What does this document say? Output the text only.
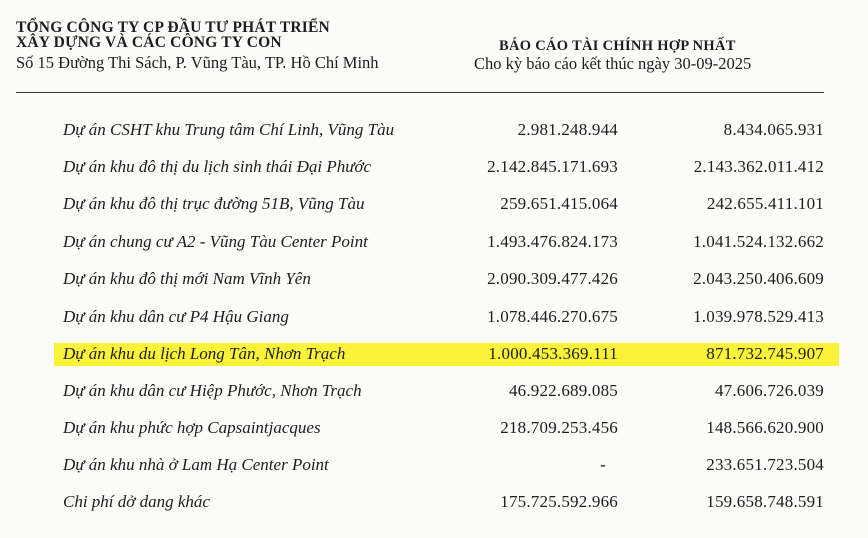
TỔNG CÔNG TY CP ĐẦU TƯ PHÁT TRIỂN
XÂY DỰNG VÀ CÁC CÔNG TY CON
Số 15 Đường Thi Sách, P. Vũng Tàu, TP. Hồ Chí Minh
BÁO CÁO TÀI CHÍNH HỢP NHẤT
Cho kỳ báo cáo kết thúc ngày 30-09-2025
Dự án CSHT khu Trung tâm Chí Linh, Vũng Tàu	2.981.248.944	8.434.065.931
Dự án khu đô thị du lịch sinh thái Đại Phước	2.142.845.171.693	2.143.362.011.412
Dự án khu đô thị trục đường 51B, Vũng Tàu	259.651.415.064	242.655.411.101
Dự án chung cư A2 - Vũng Tàu Center Point	1.493.476.824.173	1.041.524.132.662
Dự án khu đô thị mới Nam Vĩnh Yên	2.090.309.477.426	2.043.250.406.609
Dự án khu dân cư P4 Hậu Giang	1.078.446.270.675	1.039.978.529.413
Dự án khu du lịch Long Tân, Nhơn Trạch	1.000.453.369.111	871.732.745.907
Dự án khu dân cư Hiệp Phước, Nhơn Trạch	46.922.689.085	47.606.726.039
Dự án khu phức hợp Capsaintjacques	218.709.253.456	148.566.620.900
Dự án khu nhà ở Lam Hạ Center Point	-	233.651.723.504
Chi phí dở dang khác	175.725.592.966	159.658.748.591
